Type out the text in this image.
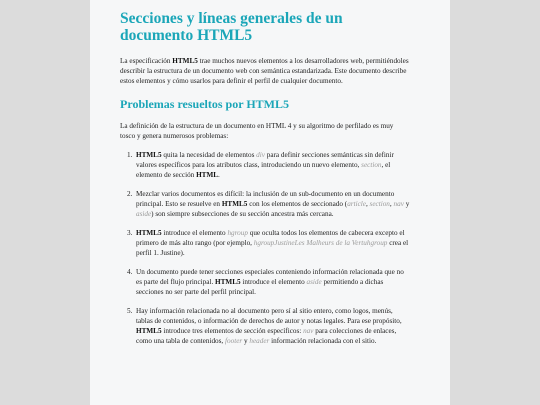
Secciones y líneas generales de un documento HTML5

La especificación HTML5 trae muchos nuevos elementos a los desarrolladores web, permitiéndoles describir la estructura de un documento web con semántica estandarizada. Este documento describe estos elementos y cómo usarlos para definir el perfil de cualquier documento.

Problemas resueltos por HTML5

La definición de la estructura de un documento en HTML 4 y su algoritmo de perfilado es muy tosco y genera numerosos problemas:

1. HTML5 quita la necesidad de elementos div para definir secciones semánticas sin definir valores específicos para los atributos class, introduciendo un nuevo elemento, section, el elemento de sección HTML.
2. Mezclar varios documentos es difícil: la inclusión de un sub-documento en un documento principal. Esto se resuelve en HTML5 con los elementos de seccionado (article, section, nav y aside) son siempre subsecciones de su sección ancestra más cercana.
3. HTML5 introduce el elemento hgroup que oculta todos los elementos de cabecera excepto el primero de más alto rango (por ejemplo, hgroupJustineLes Malheurs de la Vertuhgroup crea el perfil 1. Justine).
4. Un documento puede tener secciones especiales conteniendo información relacionada que no es parte del flujo principal. HTML5 introduce el elemento aside permitiendo a dichas secciones no ser parte del perfil principal.
5. Hay información relacionada no al documento pero sí al sitio entero, como logos, menús, tablas de contenidos, o información de derechos de autor y notas legales. Para ese propósito, HTML5 introduce tres elementos de sección específicos: nav para colecciones de enlaces, como una tabla de contenidos, footer y header información relacionada con el sitio.
